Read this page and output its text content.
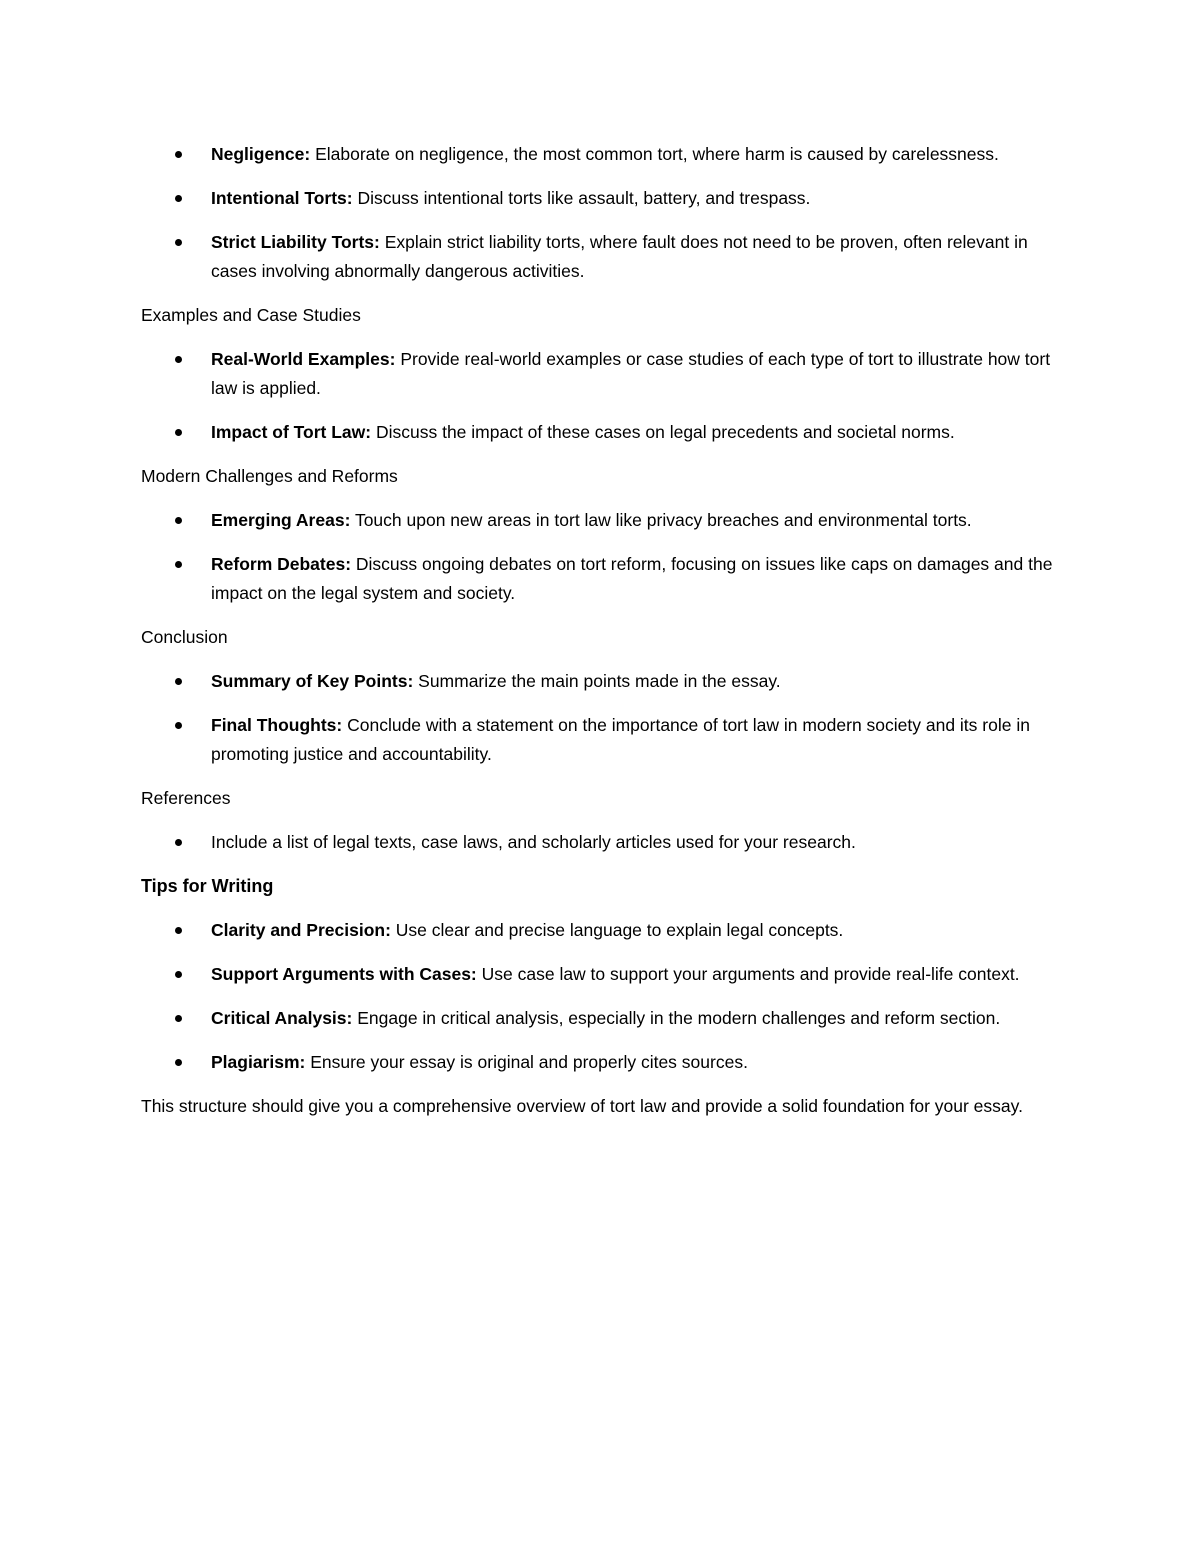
Negligence: Elaborate on negligence, the most common tort, where harm is caused by carelessness.
Intentional Torts: Discuss intentional torts like assault, battery, and trespass.
Strict Liability Torts: Explain strict liability torts, where fault does not need to be proven, often relevant in cases involving abnormally dangerous activities.

Examples and Case Studies

Real-World Examples: Provide real-world examples or case studies of each type of tort to illustrate how tort law is applied.
Impact of Tort Law: Discuss the impact of these cases on legal precedents and societal norms.

Modern Challenges and Reforms

Emerging Areas: Touch upon new areas in tort law like privacy breaches and environmental torts.
Reform Debates: Discuss ongoing debates on tort reform, focusing on issues like caps on damages and the impact on the legal system and society.

Conclusion

Summary of Key Points: Summarize the main points made in the essay.
Final Thoughts: Conclude with a statement on the importance of tort law in modern society and its role in promoting justice and accountability.

References

Include a list of legal texts, case laws, and scholarly articles used for your research.

Tips for Writing

Clarity and Precision: Use clear and precise language to explain legal concepts.
Support Arguments with Cases: Use case law to support your arguments and provide real-life context.
Critical Analysis: Engage in critical analysis, especially in the modern challenges and reform section.
Plagiarism: Ensure your essay is original and properly cites sources.

This structure should give you a comprehensive overview of tort law and provide a solid foundation for your essay.
